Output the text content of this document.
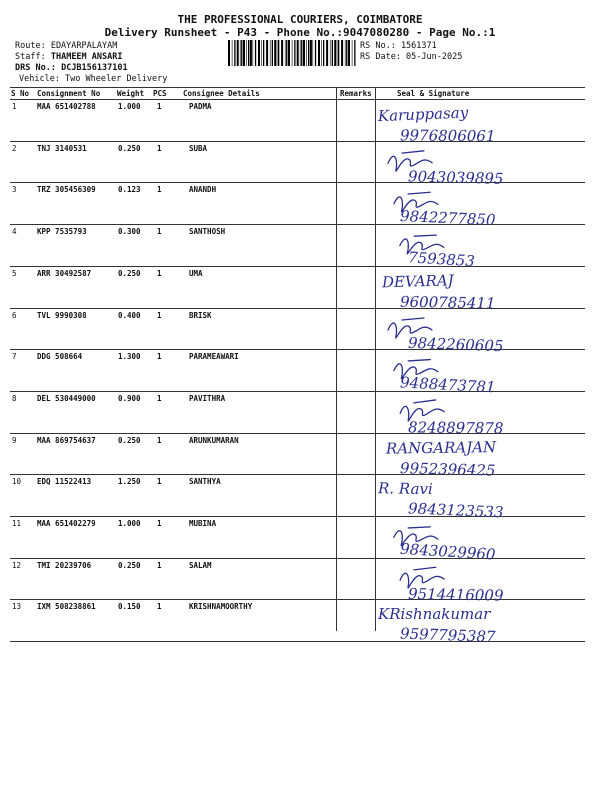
THE PROFESSIONAL COURIERS, COIMBATORE
Delivery Runsheet - P43 - Phone No.:9047080280 - Page No.:1
Route: EDAYARPALAYAM
Staff: THAMEEM ANSARI
DRS No.: DCJB156137101
Vehicle: Two Wheeler Delivery
RS No.: 1561371
RS Date: 05-Jun-2025
S No Consignment No Weight PCS Consignee Details	Remarks	Seal & Signature
1	MAA 651402788	1.000 1	PADMA	Karuppasay
9976806061
2	TNJ 3140531	0.250 1	SUBA
9043039895
3	TRZ 305456309	0.123 1	ANANDH
9842277850
4	KPP 7535793	0.300 1	SANTHOSH
7593853
5	ARR 30492587	0.250 1	UMA	DEVARAJ
9600785411
6	TVL 9990308	0.400 1	BRISK
9842260605
7	DDG 508664	1.300 1	PARAMEAWARI
9488473781
8	DEL 530449000	0.900 1	PAVITHRA
8248897878
9	MAA 869754637	0.250 1	ARUNKUMARAN	RANGARAJAN
9952396425
10 EDQ 11522413	1.250 1	SANTHYA	R. Ravi
9843123533
11 MAA 651402279	1.000 1	MUBINA
9843029960
12 TMI 20239706	0.250 1	SALAM
9514416009
13 IXM 508238861	0.150 1	KRISHNAMOORTHY	KRishnakumar
9597795387
